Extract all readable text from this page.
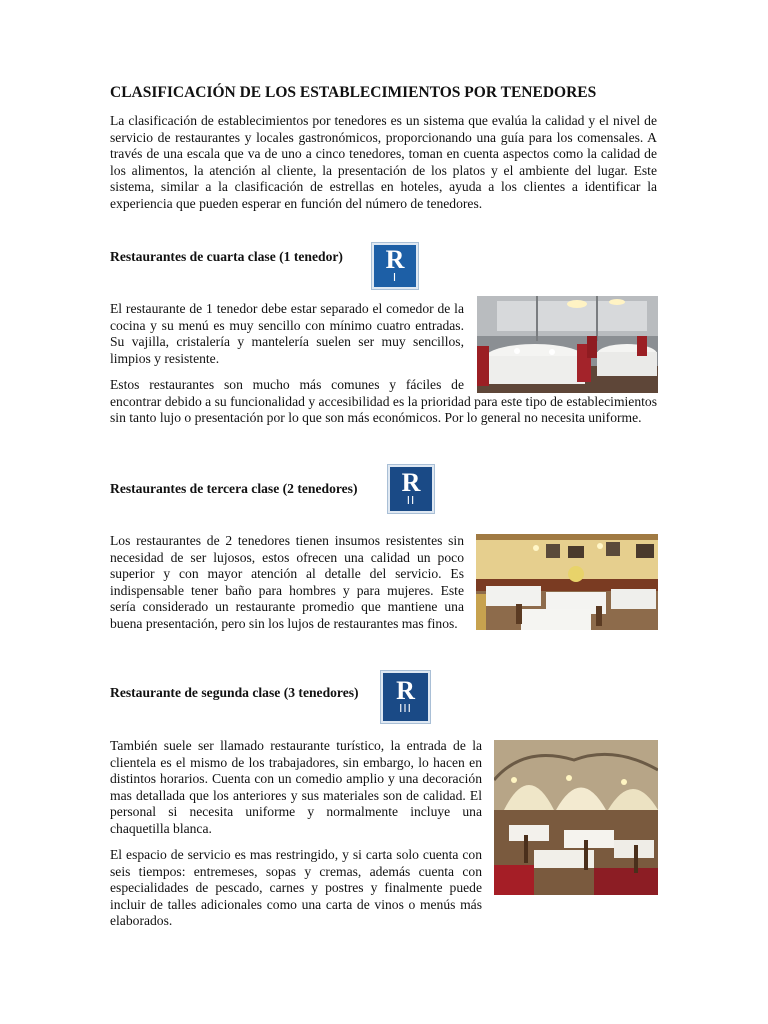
CLASIFICACIÓN DE LOS ESTABLECIMIENTOS POR TENEDORES

La clasificación de establecimientos por tenedores es un sistema que evalúa la calidad y el nivel de servicio de restaurantes y locales gastronómicos, proporcionando una guía para los comensales. A través de una escala que va de uno a cinco tenedores, toman en cuenta aspectos como la calidad de los alimentos, la atención al cliente, la presentación de los platos y el ambiente del lugar. Este sistema, similar a la clasificación de estrellas en hoteles, ayuda a los clientes a identificar la experiencia que pueden esperar en función del número de tenedores.

Restaurantes de cuarta clase (1 tenedor) R
I

El restaurante de 1 tenedor debe estar separado el comedor de la cocina y su menú es muy sencillo con mínimo cuatro entradas. Su vajilla, cristalería y mantelería suelen ser muy sencillos, limpios y resistente.

Estos restaurantes son mucho más comunes y fáciles de encontrar debido a su funcionalidad y accesibilidad es la prioridad para este tipo de establecimientos sin tanto lujo o presentación por lo que son más económicos. Por lo general no necesita uniforme.

Restaurantes de tercera clase (2 tenedores) R
II

Los restaurantes de 2 tenedores tienen insumos resistentes sin necesidad de ser lujosos, estos ofrecen una calidad un poco superior y con mayor atención al detalle del servicio. Es indispensable tener baño para hombres y para mujeres. Este sería considerado un restaurante promedio que mantiene una buena presentación, pero sin los lujos de restaurantes mas finos.

Restaurante de segunda clase (3 tenedores) R
III

También suele ser llamado restaurante turístico, la entrada de la clientela es el mismo de los trabajadores, sin embargo, lo hacen en distintos horarios. Cuenta con un comedio amplio y una decoración mas detallada que los anteriores y sus materiales son de calidad. El personal si necesita uniforme y normalmente incluye una chaquetilla blanca.

El espacio de servicio es mas restringido, y si carta solo cuenta con seis tiempos: entremeses, sopas y cremas, además cuenta con especialidades de pescado, carnes y postres y finalmente puede incluir de talles adicionales como una carta de vinos o menús más elaborados.
